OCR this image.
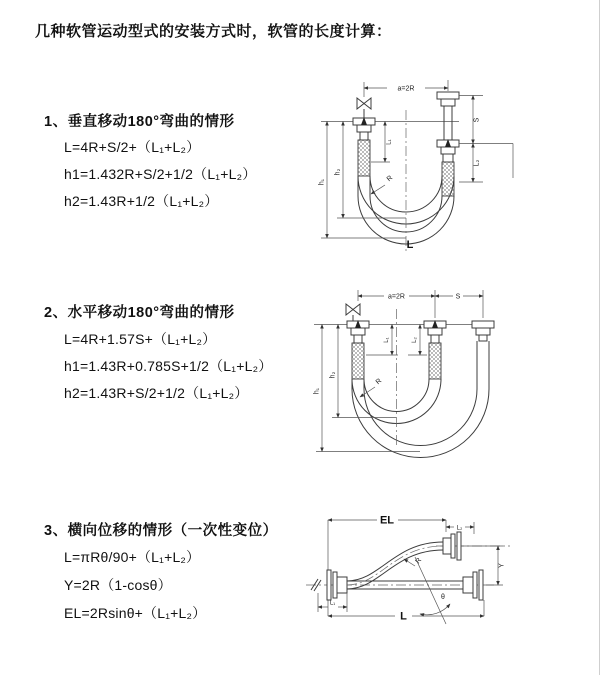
几种软管运动型式的安装方式时，软管的长度计算：
1、垂直移动180°弯曲的情形
L=4R+S/2+（L₁+L₂）
h1=1.432R+S/2+1/2（L₁+L₂）
h2=1.43R+1/2（L₁+L₂）
2、水平移动180°弯曲的情形
L=4R+1.57S+（L₁+L₂）
h1=1.43R+0.785S+1/2（L₁+L₂）
h2=1.43R+S/2+1/2（L₁+L₂）
3、横向位移的情形（一次性变位）
L=πRθ/90+（L₁+L₂）
Y=2R（1-cosθ）
EL=2Rsinθ+（L₁+L₂）
a=2R
h₁
h₂
L₁
S
L₂
R
L
a=2R	S
h₁
h₂
L₁	L₂
R
EL
L₂
R
θ
Y
L₁
L
